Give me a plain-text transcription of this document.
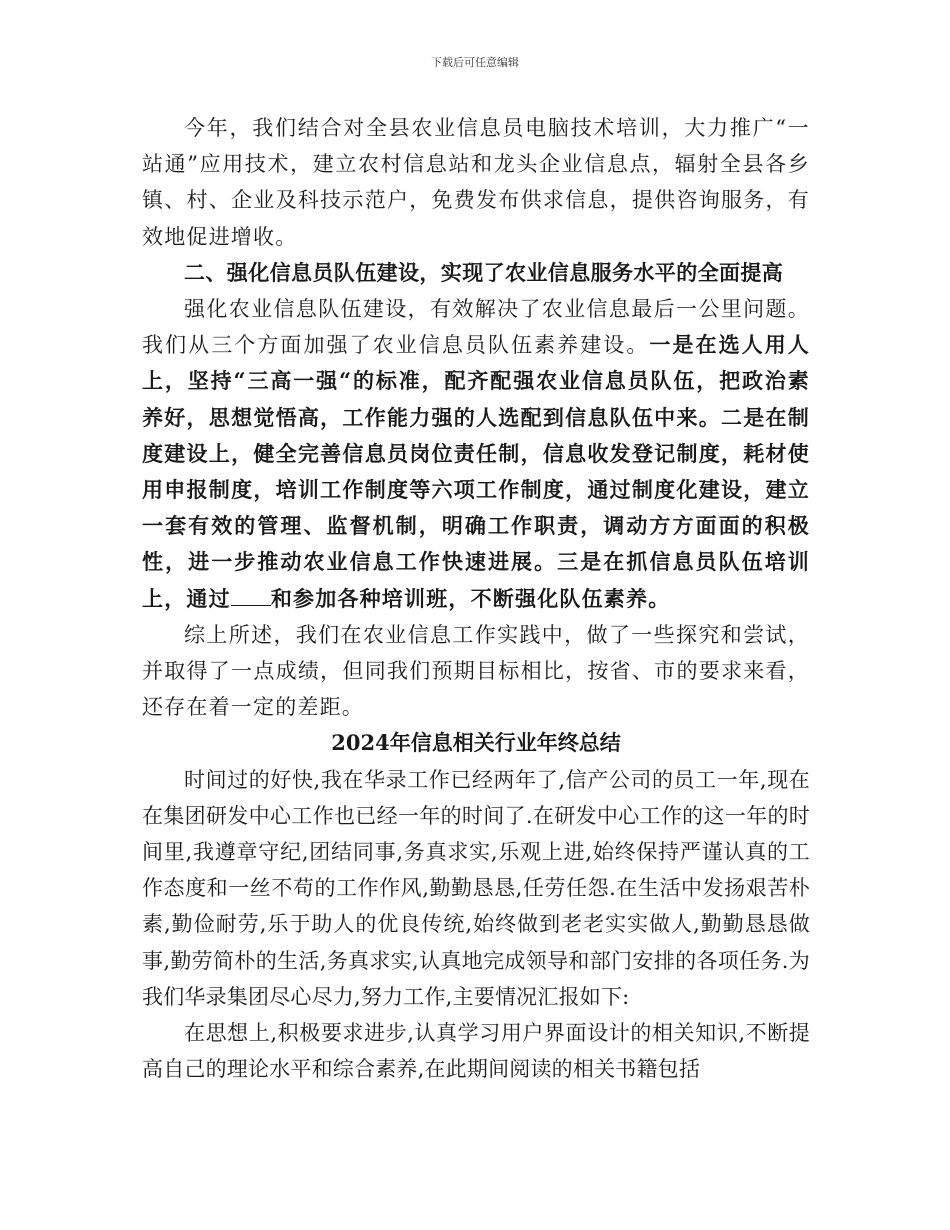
下载后可任意编辑

今年，我们结合对全县农业信息员电脑技术培训，大力推广“一站通”应用技术，建立农村信息站和龙头企业信息点，辐射全县各乡镇、村、企业及科技示范户，免费发布供求信息，提供咨询服务，有效地促进增收。

二、强化信息员队伍建设，实现了农业信息服务水平的全面提高

强化农业信息队伍建设，有效解决了农业信息最后一公里问题。我们从三个方面加强了农业信息员队伍素养建设。一是在选人用人上，坚持“三高一强“的标准，配齐配强农业信息员队伍，把政治素养好，思想觉悟高，工作能力强的人选配到信息队伍中来。二是在制度建设上，健全完善信息员岗位责任制，信息收发登记制度，耗材使用申报制度，培训工作制度等六项工作制度，通过制度化建设，建立一套有效的管理、监督机制，明确工作职责，调动方方面面的积极性，进一步推动农业信息工作快速进展。三是在抓信息员队伍培训上，通过 和参加各种培训班，不断强化队伍素养。

综上所述，我们在农业信息工作实践中，做了一些探究和尝试，并取得了一点成绩，但同我们预期目标相比，按省、市的要求来看，还存在着一定的差距。

2024年信息相关行业年终总结

时间过的好快,我在华录工作已经两年了,信产公司的员工一年,现在在集团研发中心工作也已经一年的时间了.在研发中心工作的这一年的时间里,我遵章守纪,团结同事,务真求实,乐观上进,始终保持严谨认真的工作态度和一丝不苟的工作作风,勤勤恳恳,任劳任怨.在生活中发扬艰苦朴素,勤俭耐劳,乐于助人的优良传统,始终做到老老实实做人,勤勤恳恳做事,勤劳简朴的生活,务真求实,认真地完成领导和部门安排的各项任务.为我们华录集团尽心尽力,努力工作,主要情况汇报如下:

在思想上,积极要求进步,认真学习用户界面设计的相关知识,不断提高自己的理论水平和综合素养,在此期间阅读的相关书籍包括
